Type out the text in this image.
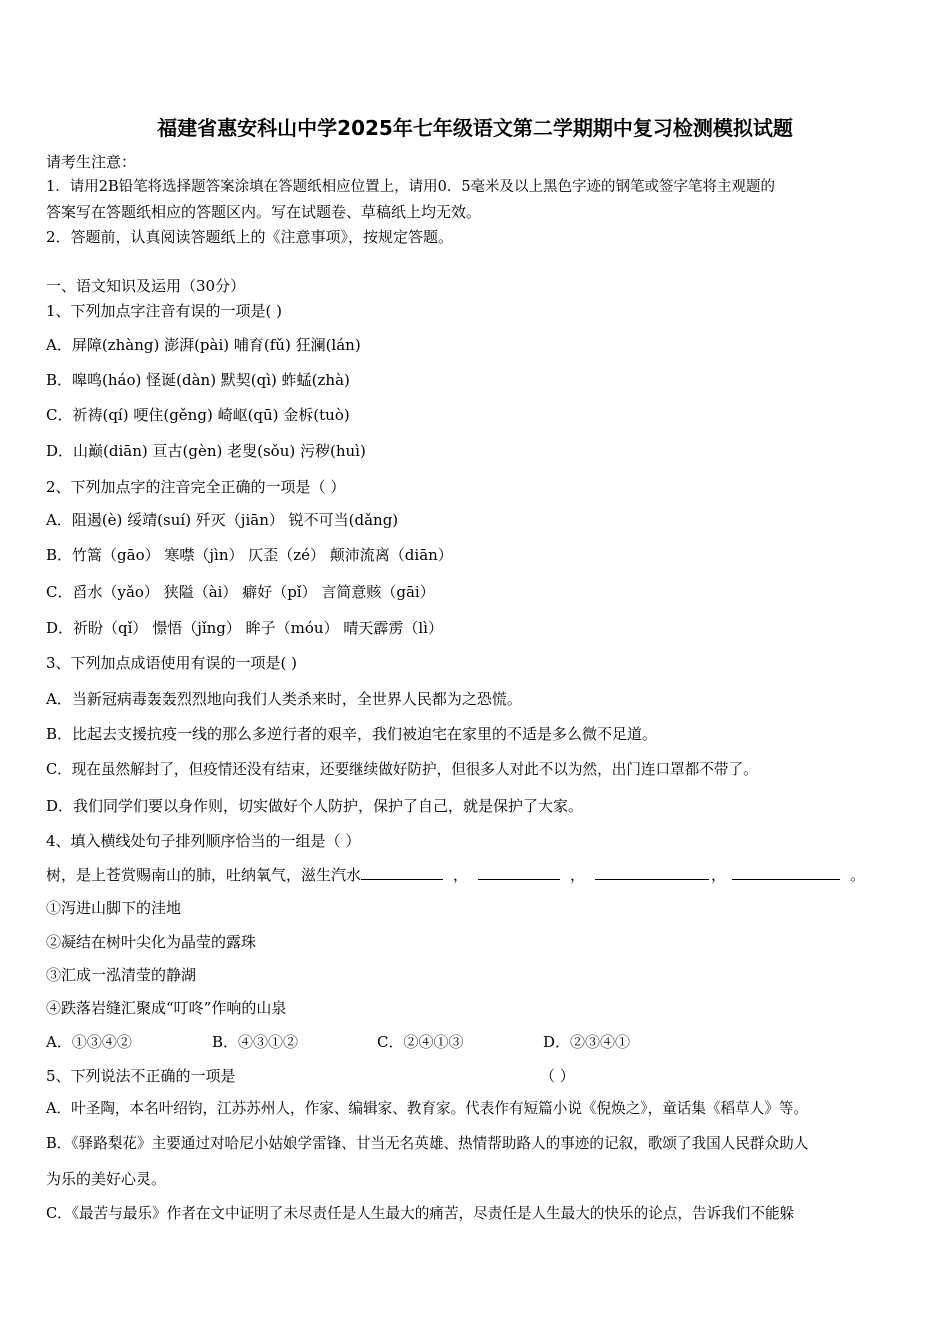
福建省惠安科山中学2025年七年级语文第二学期期中复习检测模拟试题
请考生注意：
1．请用2B铅笔将选择题答案涂填在答题纸相应位置上，请用0．5毫米及以上黑色字迹的钢笔或签字笔将主观题的
答案写在答题纸相应的答题区内。写在试题卷、草稿纸上均无效。
2．答题前，认真阅读答题纸上的《注意事项》，按规定答题。
一、语文知识及运用（30分）
1、下列加点字注音有误的一项是( )
A．屏障(zhàng) 澎湃(pài) 哺育(fǔ) 狂澜(lán)
B．嗥鸣(háo) 怪诞(dàn) 默契(qì) 蚱蜢(zhà)
C．祈祷(qí) 哽住(gěng) 崎岖(qū) 金柝(tuò)
D．山巅(diān) 亘古(gèn) 老叟(sǒu) 污秽(huì)
2、下列加点字的注音完全正确的一项是（ ）
A．阻遏(è) 绥靖(suí) 歼灭（jiān） 锐不可当(dǎng)
B．竹篙（gāo） 寒噤（jìn） 仄歪（zé） 颠沛流离（diān）
C．舀水（yǎo） 狭隘（ài） 癖好（pǐ） 言简意赅（gāi）
D．祈盼（qǐ） 憬悟（jǐng） 眸子（móu） 晴天霹雳（lì）
3、下列加点成语使用有误的一项是( )
A．当新冠病毒轰轰烈烈地向我们人类杀来时，全世界人民都为之恐慌。
B．比起去支援抗疫一线的那么多逆行者的艰辛，我们被迫宅在家里的不适是多么微不足道。
C．现在虽然解封了，但疫情还没有结束，还要继续做好防护，但很多人对此不以为然，出门连口罩都不带了。
D．我们同学们要以身作则，切实做好个人防护，保护了自己，就是保护了大家。
4、填入横线处句子排列顺序恰当的一组是（ ）
树，是上苍赏赐南山的肺，吐纳氧气，滋生汽水	，	，	，	。
①泻进山脚下的洼地
②凝结在树叶尖化为晶莹的露珠
③汇成一泓清莹的静湖
④跌落岩缝汇聚成“叮咚”作响的山泉
A．①③④②	B．④③①②	C．②④①③	D．②③④①
5、下列说法不正确的一项是	（ ）
A．叶圣陶，本名叶绍钧，江苏苏州人，作家、编辑家、教育家。代表作有短篇小说《倪焕之》，童话集《稻草人》等。
B．《驿路梨花》主要通过对哈尼小姑娘学雷锋、甘当无名英雄、热情帮助路人的事迹的记叙，歌颂了我国人民群众助人
为乐的美好心灵。
C．《最苦与最乐》作者在文中证明了未尽责任是人生最大的痛苦，尽责任是人生最大的快乐的论点，告诉我们不能躲
